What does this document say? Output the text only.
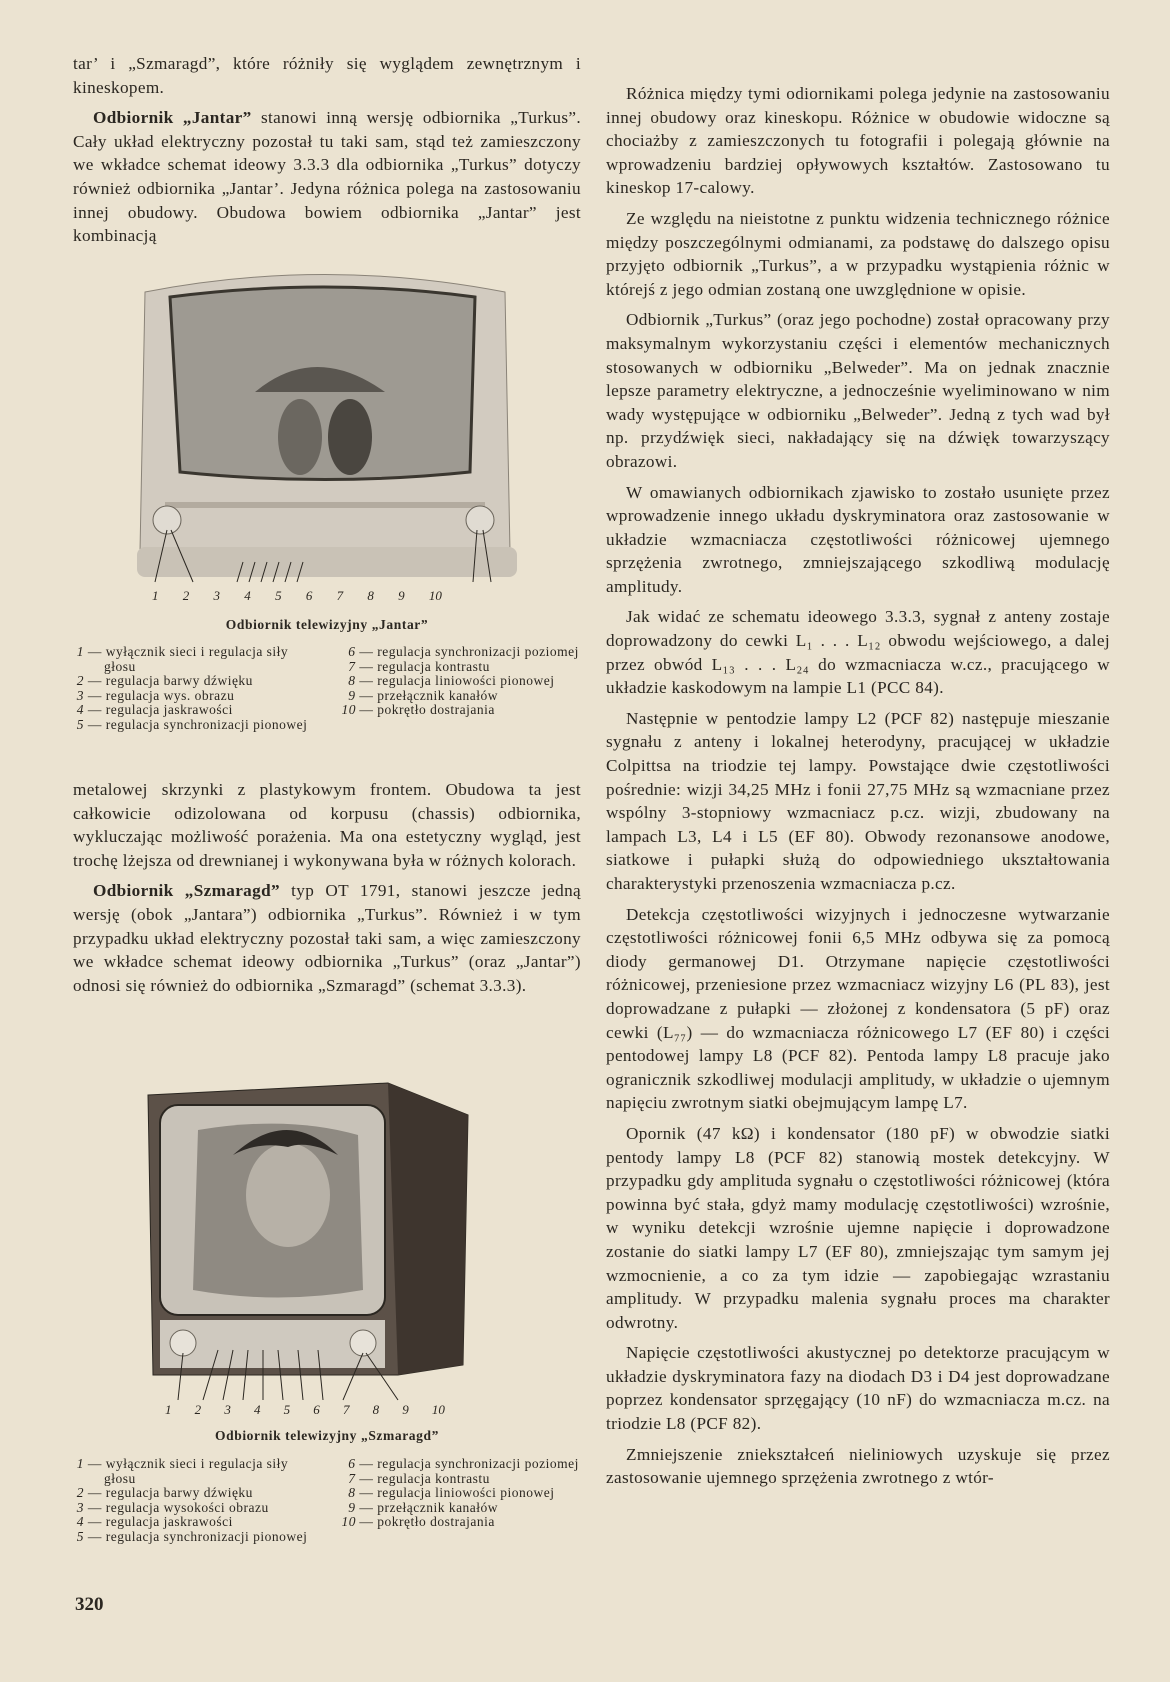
tar’ i „Szmaragd”, które różniły się wyglądem zewnętrznym i kineskopem.

Odbiornik „Jantar” stanowi inną wersję odbiornika „Turkus”. Cały układ elektryczny pozostał tu taki sam, stąd też zamieszczony we wkładce schemat ideowy 3.3.3 dla odbiornika „Turkus” dotyczy również odbiornika „Jantar’. Jedyna różnica polega na zastosowaniu innej obudowy. Obudowa bowiem odbiornika „Jantar” jest kombinacją

1 2 3 4 5 6 7 8 9 10
Odbiornik telewizyjny „Jantar”
1 — wyłącznik sieci i regulacja siły głosu
2 — regulacja barwy dźwięku
3 — regulacja wys. obrazu
4 — regulacja jaskrawości
5 — regulacja synchronizacji pionowej
6 — regulacja synchronizacji poziomej
7 — regulacja kontrastu
8 — regulacja liniowości pionowej
9 — przełącznik kanałów
10 — pokrętło dostrajania

metalowej skrzynki z plastykowym frontem. Obudowa ta jest całkowicie odizolowana od korpusu (chassis) odbiornika, wykluczając możliwość porażenia. Ma ona estetyczny wygląd, jest trochę lżejsza od drewnianej i wykonywana była w różnych kolorach.

Odbiornik „Szmaragd” typ OT 1791, stanowi jeszcze jedną wersję (obok „Jantara”) odbiornika „Turkus”. Również i w tym przypadku układ elektryczny pozostał taki sam, a więc zamieszczony we wkładce schemat ideowy odbiornika „Turkus” (oraz „Jantar”) odnosi się również do odbiornika „Szmaragd” (schemat 3.3.3).

1 2 3 4 5 6 7 8 9 10
Odbiornik telewizyjny „Szmaragd”
1 — wyłącznik sieci i regulacja siły głosu
2 — regulacja barwy dźwięku
3 — regulacja wysokości obrazu
4 — regulacja jaskrawości
5 — regulacja synchronizacji pionowej
6 — regulacja synchronizacji poziomej
7 — regulacja kontrastu
8 — regulacja liniowości pionowej
9 — przełącznik kanałów
10 — pokrętło dostrajania
320

Różnica między tymi odiornikami polega jedynie na zastosowaniu innej obudowy oraz kineskopu. Różnice w obudowie widoczne są chociażby z zamieszczonych tu fotografii i polegają głównie na wprowadzeniu bardziej opływowych kształtów. Zastosowano tu kineskop 17-calowy.

Ze względu na nieistotne z punktu widzenia technicznego różnice między poszczególnymi odmianami, za podstawę do dalszego opisu przyjęto odbiornik „Turkus”, a w przypadku wystąpienia różnic w którejś z jego odmian zostaną one uwzględnione w opisie.

Odbiornik „Turkus” (oraz jego pochodne) został opracowany przy maksymalnym wykorzystaniu części i elementów mechanicznych stosowanych w odbiorniku „Belweder”. Ma on jednak znacznie lepsze parametry elektryczne, a jednocześnie wyeliminowano w nim wady występujące w odbiorniku „Belweder”. Jedną z tych wad był np. przydźwięk sieci, nakładający się na dźwięk towarzyszący obrazowi.

W omawianych odbiornikach zjawisko to zostało usunięte przez wprowadzenie innego układu dyskryminatora oraz zastosowanie w układzie wzmacniacza częstotliwości różnicowej ujemnego sprzężenia zwrotnego, zmniejszającego szkodliwą modulację amplitudy.

Jak widać ze schematu ideowego 3.3.3, sygnał z anteny zostaje doprowadzony do cewki L₁ . . . L₁₂ obwodu wejściowego, a dalej przez obwód L₁₃ . . . L₂₄ do wzmacniacza w.cz., pracującego w układzie kaskodowym na lampie L1 (PCC 84).

Następnie w pentodzie lampy L2 (PCF 82) następuje mieszanie sygnału z anteny i lokalnej heterodyny, pracującej w układzie Colpittsa na triodzie tej lampy. Powstające dwie częstotliwości pośrednie: wizji 34,25 MHz i fonii 27,75 MHz są wzmacniane przez wspólny 3-stopniowy wzmacniacz p.cz. wizji, zbudowany na lampach L3, L4 i L5 (EF 80). Obwody rezonansowe anodowe, siatkowe i pułapki służą do odpowiedniego ukształtowania charakterystyki przenoszenia wzmacniacza p.cz.

Detekcja częstotliwości wizyjnych i jednoczesne wytwarzanie częstotliwości różnicowej fonii 6,5 MHz odbywa się za pomocą diody germanowej D1. Otrzymane napięcie częstotliwości różnicowej, przeniesione przez wzmacniacz wizyjny L6 (PL 83), jest doprowadzane z pułapki — złożonej z kondensatora (5 pF) oraz cewki (L₇₇) — do wzmacniacza różnicowego L7 (EF 80) i części pentodowej lampy L8 (PCF 82). Pentoda lampy L8 pracuje jako ogranicznik szkodliwej modulacji amplitudy, w układzie o ujemnym napięciu zwrotnym siatki obejmującym lampę L7.

Opornik (47 kΩ) i kondensator (180 pF) w obwodzie siatki pentody lampy L8 (PCF 82) stanowią mostek detekcyjny. W przypadku gdy amplituda sygnału o częstotliwości różnicowej (która powinna być stała, gdyż mamy modulację częstotliwości) wzrośnie, w wyniku detekcji wzrośnie ujemne napięcie i doprowadzone zostanie do siatki lampy L7 (EF 80), zmniejszając tym samym jej wzmocnienie, a co za tym idzie — zapobiegając wzrastaniu amplitudy. W przypadku malenia sygnału proces ma charakter odwrotny.

Napięcie częstotliwości akustycznej po detektorze pracującym w układzie dyskryminatora fazy na diodach D3 i D4 jest doprowadzane poprzez kondensator sprzęgający (10 nF) do wzmacniacza m.cz. na triodzie L8 (PCF 82).

Zmniejszenie zniekształceń nieliniowych uzyskuje się przez zastosowanie ujemnego sprzężenia zwrotnego z wtór-
